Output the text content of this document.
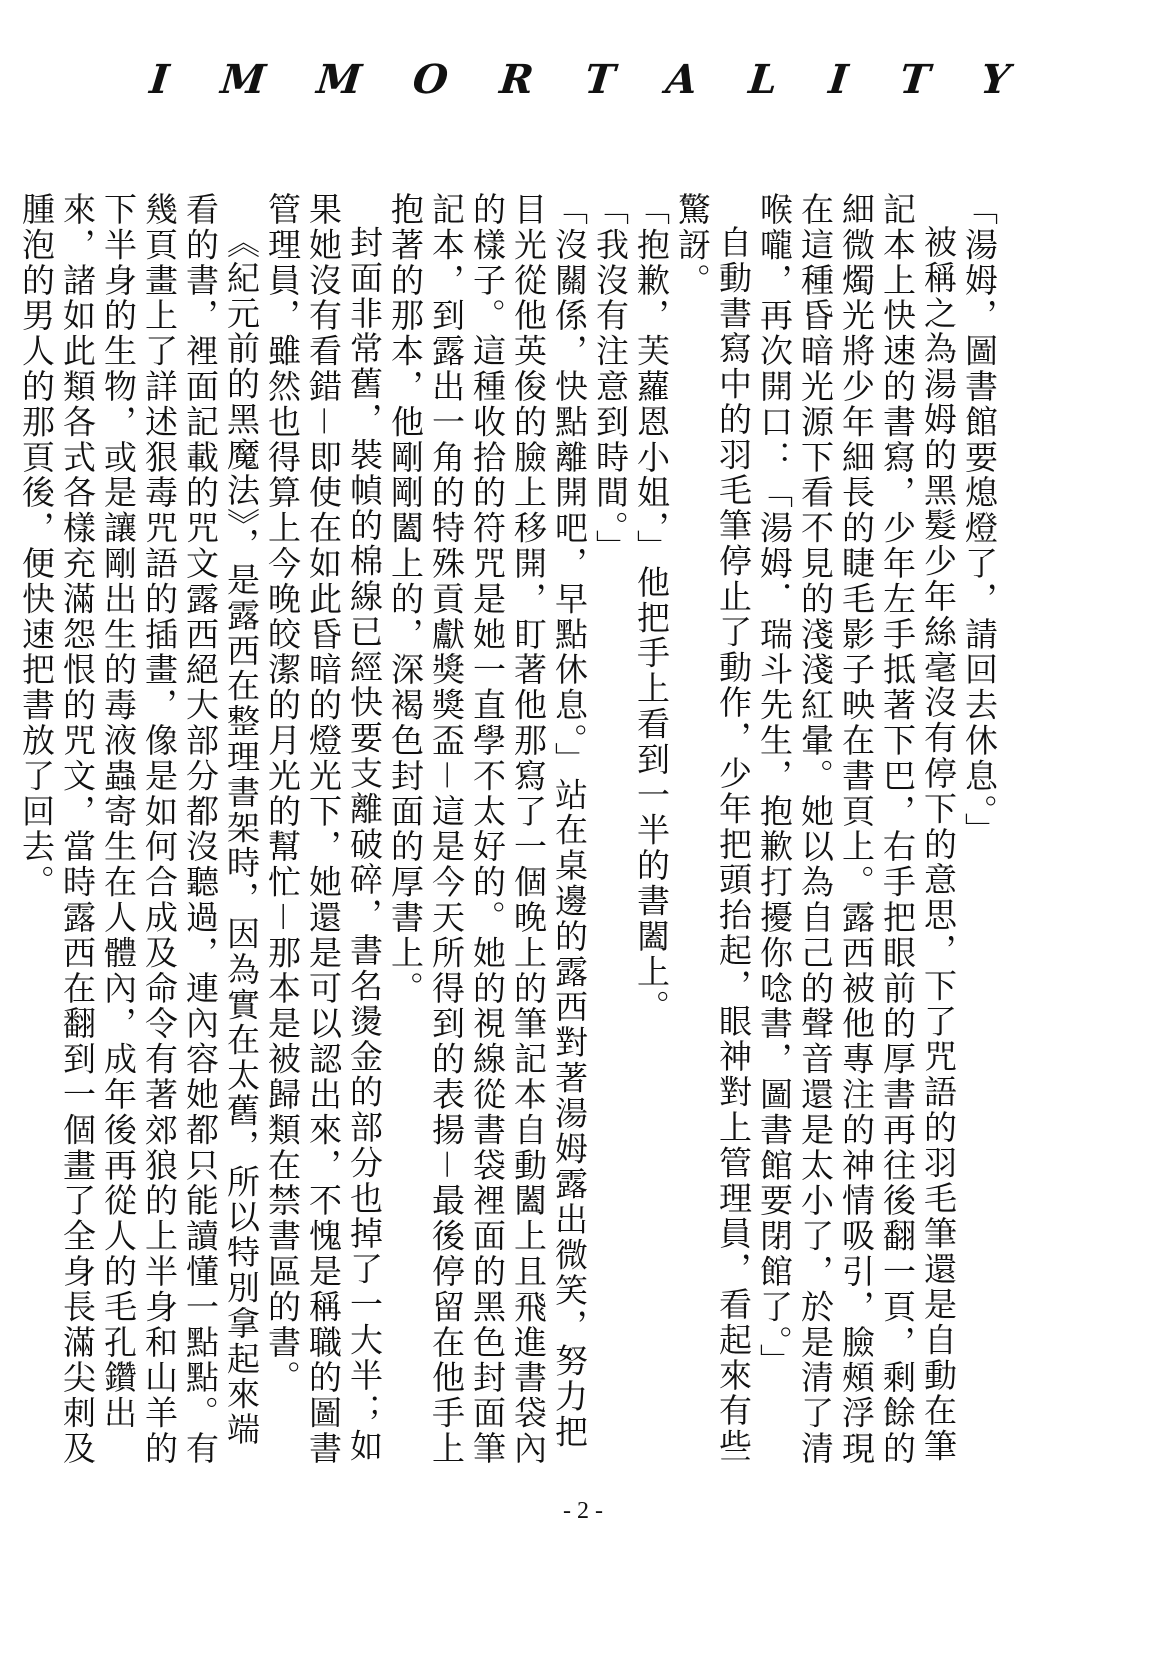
I M M O R T A L I T Y

「湯姆，圖書館要熄燈了，請回去休息。」

被稱之為湯姆的黑髮少年絲毫沒有停下的意思，下了咒語的羽毛筆還是自動在筆記本上快速的書寫，少年左手抵著下巴，右手把眼前的厚書再往後翻一頁，剩餘的細微燭光將少年細長的睫毛影子映在書頁上。露西被他專注的神情吸引，臉頰浮現在這種昏暗光源下看不見的淺淺紅暈。她以為自己的聲音還是太小了，於是清了清喉嚨，再次開口：「湯姆．瑞斗先生，抱歉打擾你唸書，圖書館要閉館了。」

自動書寫中的羽毛筆停止了動作，少年把頭抬起，眼神對上管理員，看起來有些驚訝。

「抱歉，芙蘿恩小姐，」他把手上看到一半的書闔上。

「我沒有注意到時間。」

「沒關係，快點離開吧，早點休息。」站在桌邊的露西對著湯姆露出微笑，努力把目光從他英俊的臉上移開，盯著他那寫了一個晚上的筆記本自動闔上且飛進書袋內的樣子。這種收拾的符咒是她一直學不太好的。她的視線從書袋裡面的黑色封面筆記本，到露出一角的特殊貢獻獎獎盃－這是今天所得到的表揚－最後停留在他手上抱著的那本，他剛剛闔上的，深褐色封面的厚書上。

封面非常舊，裝幀的棉線已經快要支離破碎，書名燙金的部分也掉了一大半；如果她沒有看錯－即使在如此昏暗的燈光下，她還是可以認出來，不愧是稱職的圖書管理員，雖然也得算上今晚皎潔的月光的幫忙－那本是被歸類在禁書區的書。

《紀元前的黑魔法》，是露西在整理書架時，因為實在太舊，所以特別拿起來端看的書，裡面記載的咒文露西絕大部分都沒聽過，連內容她都只能讀懂一點點。有幾頁畫上了詳述狠毒咒語的插畫，像是如何合成及命令有著郊狼的上半身和山羊的下半身的生物，或是讓剛出生的毒液蟲寄生在人體內，成年後再從人的毛孔鑽出來，諸如此類各式各樣充滿怨恨的咒文，當時露西在翻到一個畫了全身長滿尖刺及腫泡的男人的那頁後，便快速把書放了回去。

- 2 -
